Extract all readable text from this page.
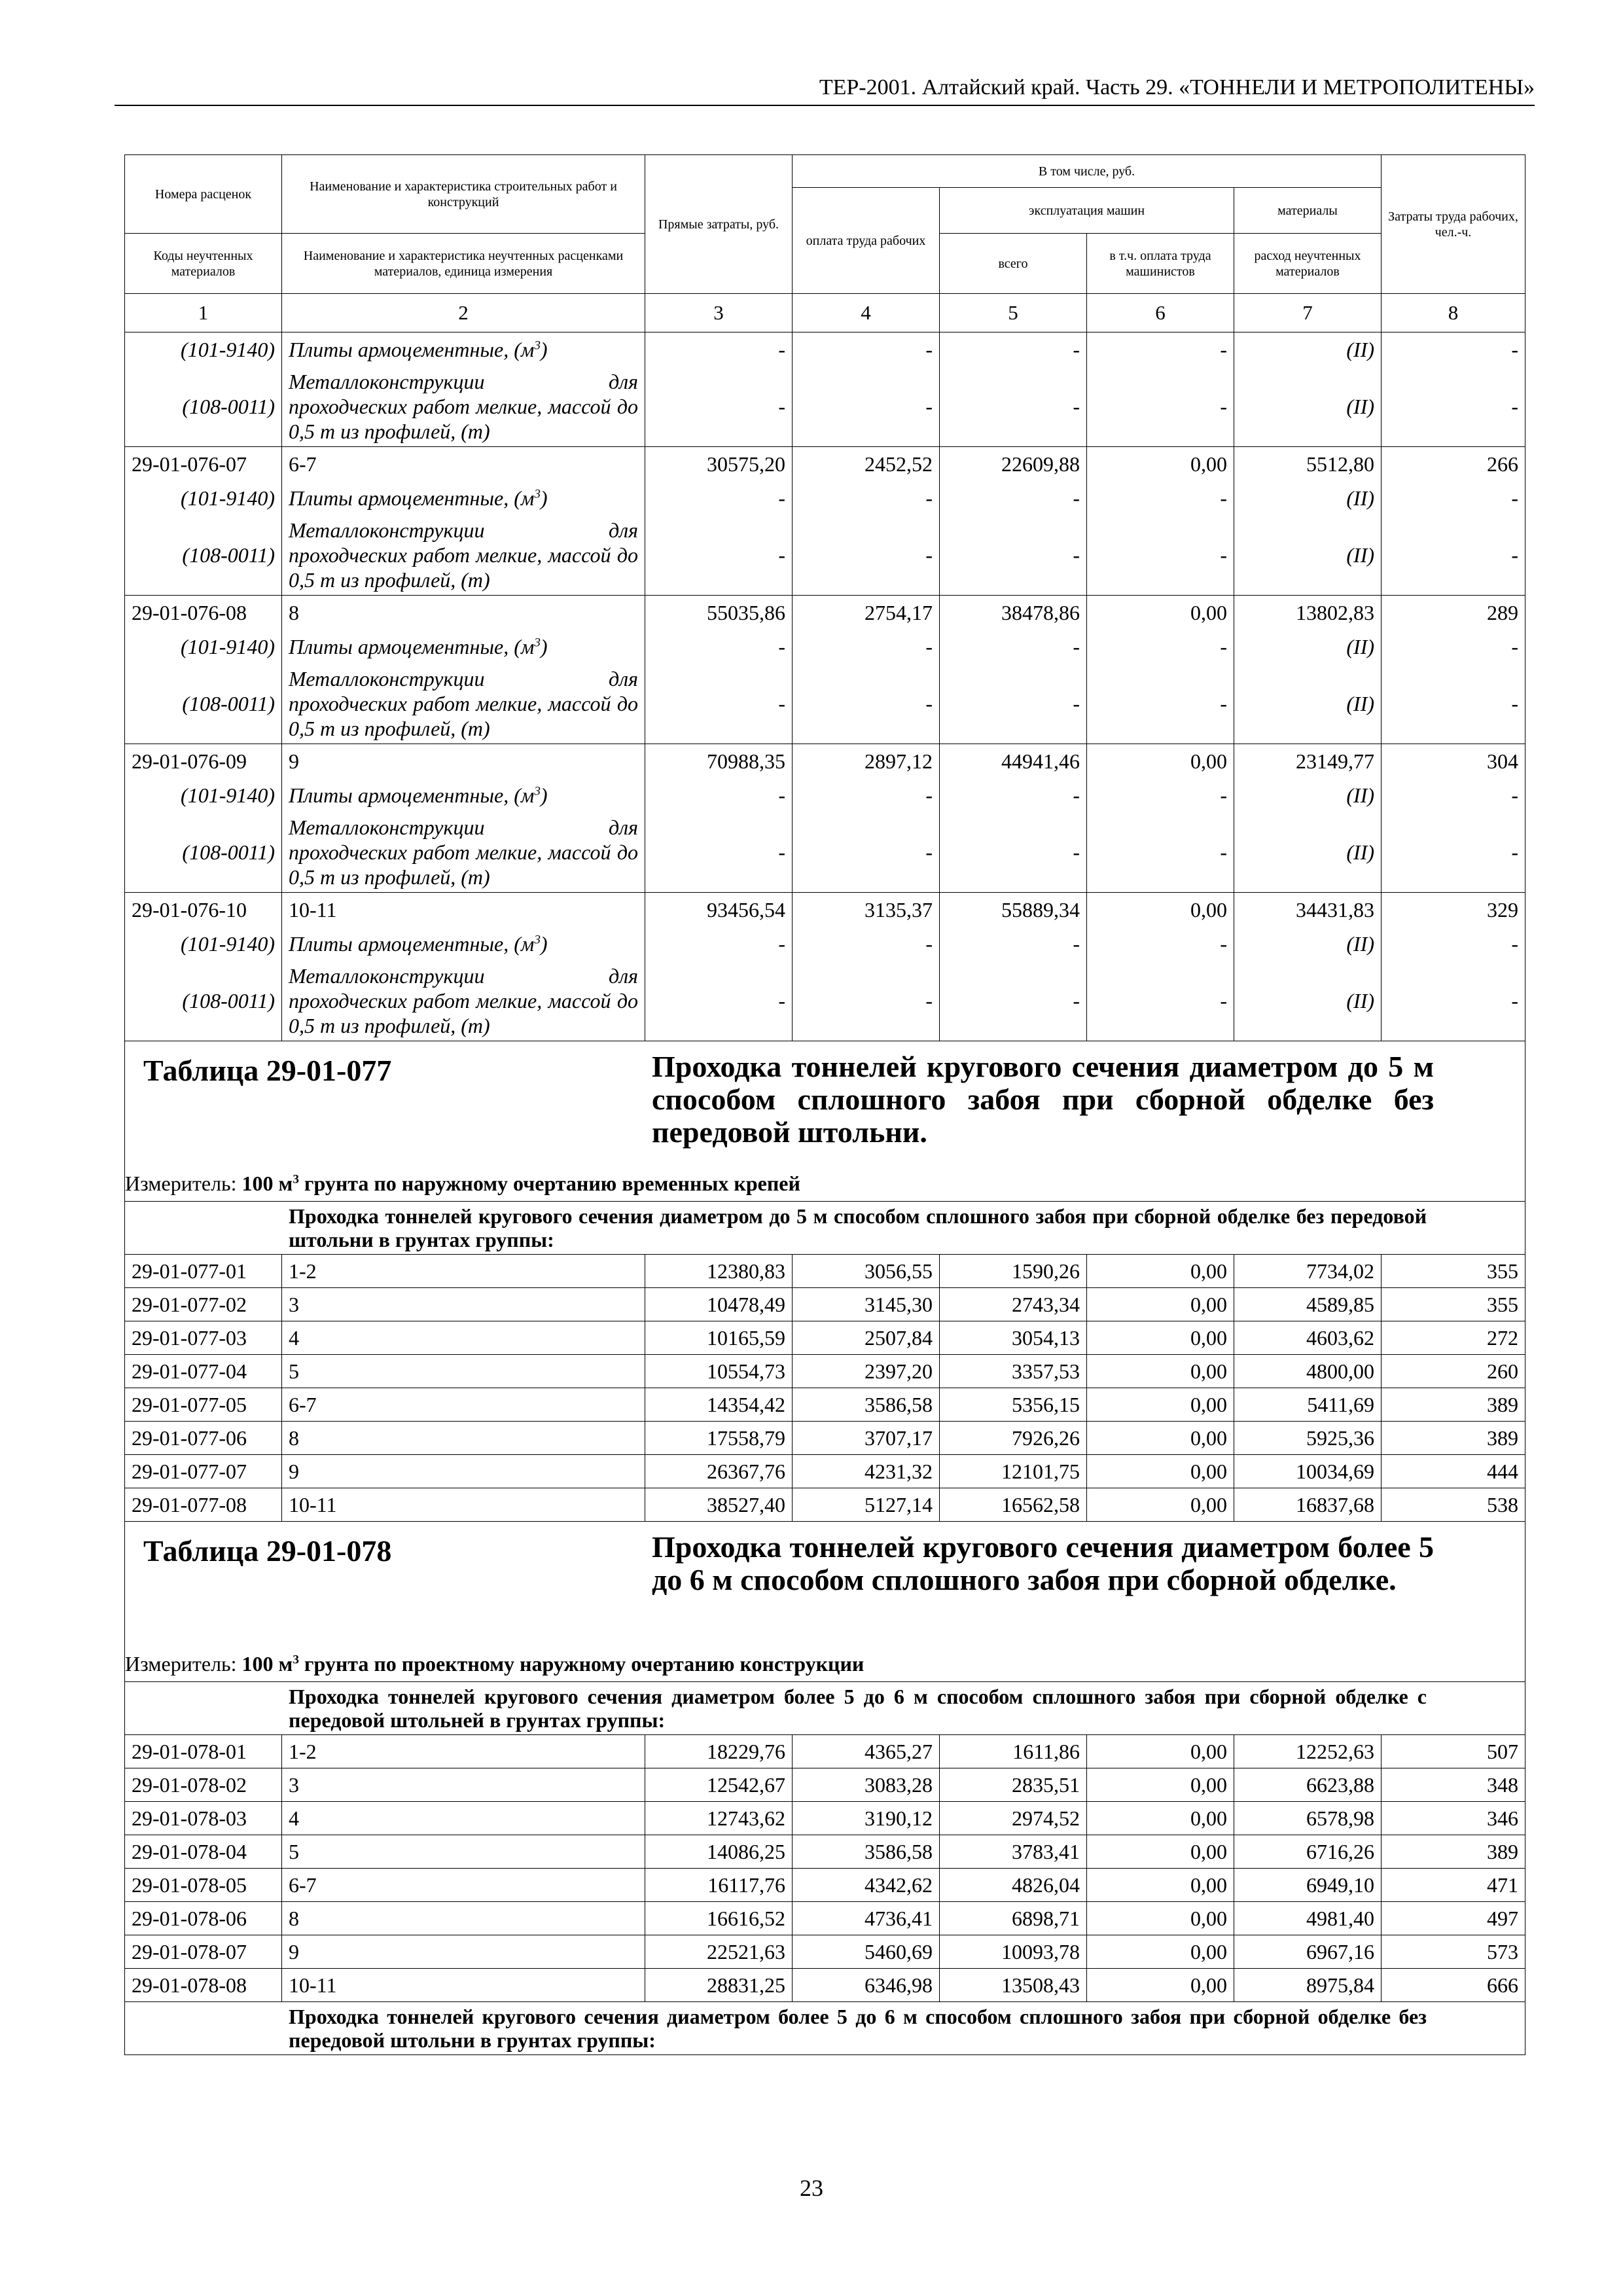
ТЕР-2001. Алтайский край. Часть 29. «ТОННЕЛИ И МЕТРОПОЛИТЕНЫ»
Номера расценок	Наименование и характеристика строительных работ и конструкций	Прямые затраты, руб.	В том числе, руб.				Затраты труда рабочих, чел.-ч.
			оплата труда рабочих	эксплуатация машин		материалы	
Коды неучтенных материалов	Наименование и характеристика неучтенных расценками материалов, единица измерения			всего	в т.ч. оплата труда машинистов	расход неучтенных материалов	
1	2	3	4	5	6	7	8
(101-9140)	Плиты армоцементные, $(м^3)$	-	-	-	-	(II)	-
(108-0011)	Металлоконструкции для проходческих работ мелкие, массой до 0,5 т из профилей, (т)	-	-	-	-	(II)	-
29-01-076-07	6-7	30575,20	2452,52	22609,88	0,00	5512,80	266
(101-9140)	Плиты армоцементные, $(м^3)$	-	-	-	-	(II)	-
(108-0011)	Металлоконструкции для проходческих работ мелкие, массой до 0,5 т из профилей, (т)	-	-	-	-	(II)	-
29-01-076-08	8	55035,86	2754,17	38478,86	0,00	13802,83	289
(101-9140)	Плиты армоцементные, $(м^3)$	-	-	-	-	(II)	-
(108-0011)	Металлоконструкции для проходческих работ мелкие, массой до 0,5 т из профилей, (т)	-	-	-	-	(II)	-
29-01-076-09	9	70988,35	2897,12	44941,46	0,00	23149,77	304
(101-9140)	Плиты армоцементные, $(м^3)$	-	-	-	-	(II)	-
(108-0011)	Металлоконструкции для проходческих работ мелкие, массой до 0,5 т из профилей, (т)	-	-	-	-	(II)	-
29-01-076-10	10-11	93456,54	3135,37	55889,34	0,00	34431,83	329
(101-9140)	Плиты армоцементные, $(м^3)$	-	-	-	-	(II)	-
(108-0011)	Металлоконструкции для проходческих работ мелкие, массой до 0,5 т из профилей, (т)	-	-	-	-	(II)	-

Таблица 29-01-077 Проходка тоннелей кругового сечения диаметром до 5 м способом сплошного забоя при сборной обделке без передовой штольни.							

Измеритель: 100 $м^3$ грунта по наружному очертанию временных крепей							
Проходка тоннелей кругового сечения диаметром до 5 м способом сплошного забоя при сборной обделке без передовой штольни в грунтах группы:							
29-01-077-01	1-2	12380,83	3056,55	1590,26	0,00	7734,02	355
29-01-077-02	3	10478,49	3145,30	2743,34	0,00	4589,85	355
29-01-077-03	4	10165,59	2507,84	3054,13	0,00	4603,62	272
29-01-077-04	5	10554,73	2397,20	3357,53	0,00	4800,00	260
29-01-077-05	6-7	14354,42	3586,58	5356,15	0,00	5411,69	389
29-01-077-06	8	17558,79	3707,17	7926,26	0,00	5925,36	389
29-01-077-07	9	26367,76	4231,32	12101,75	0,00	10034,69	444
29-01-077-08	10-11	38527,40	5127,14	16562,58	0,00	16837,68	538

Таблица 29-01-078 Проходка тоннелей кругового сечения диаметром более 5 до 6 м способом сплошного забоя при сборной обделке.							

Измеритель: 100 $м^3$ грунта по проектному наружному очертанию конструкции							
Проходка тоннелей кругового сечения диаметром более 5 до 6 м способом сплошного забоя при сборной обделке с передовой штольней в грунтах группы:							
29-01-078-01	1-2	18229,76	4365,27	1611,86	0,00	12252,63	507
29-01-078-02	3	12542,67	3083,28	2835,51	0,00	6623,88	348
29-01-078-03	4	12743,62	3190,12	2974,52	0,00	6578,98	346
29-01-078-04	5	14086,25	3586,58	3783,41	0,00	6716,26	389
29-01-078-05	6-7	16117,76	4342,62	4826,04	0,00	6949,10	471
29-01-078-06	8	16616,52	4736,41	6898,71	0,00	4981,40	497
29-01-078-07	9	22521,63	5460,69	10093,78	0,00	6967,16	573
29-01-078-08	10-11	28831,25	6346,98	13508,43	0,00	8975,84	666
Проходка тоннелей кругового сечения диаметром более 5 до 6 м способом сплошного забоя при сборной обделке без передовой штольни в грунтах группы:							
23
